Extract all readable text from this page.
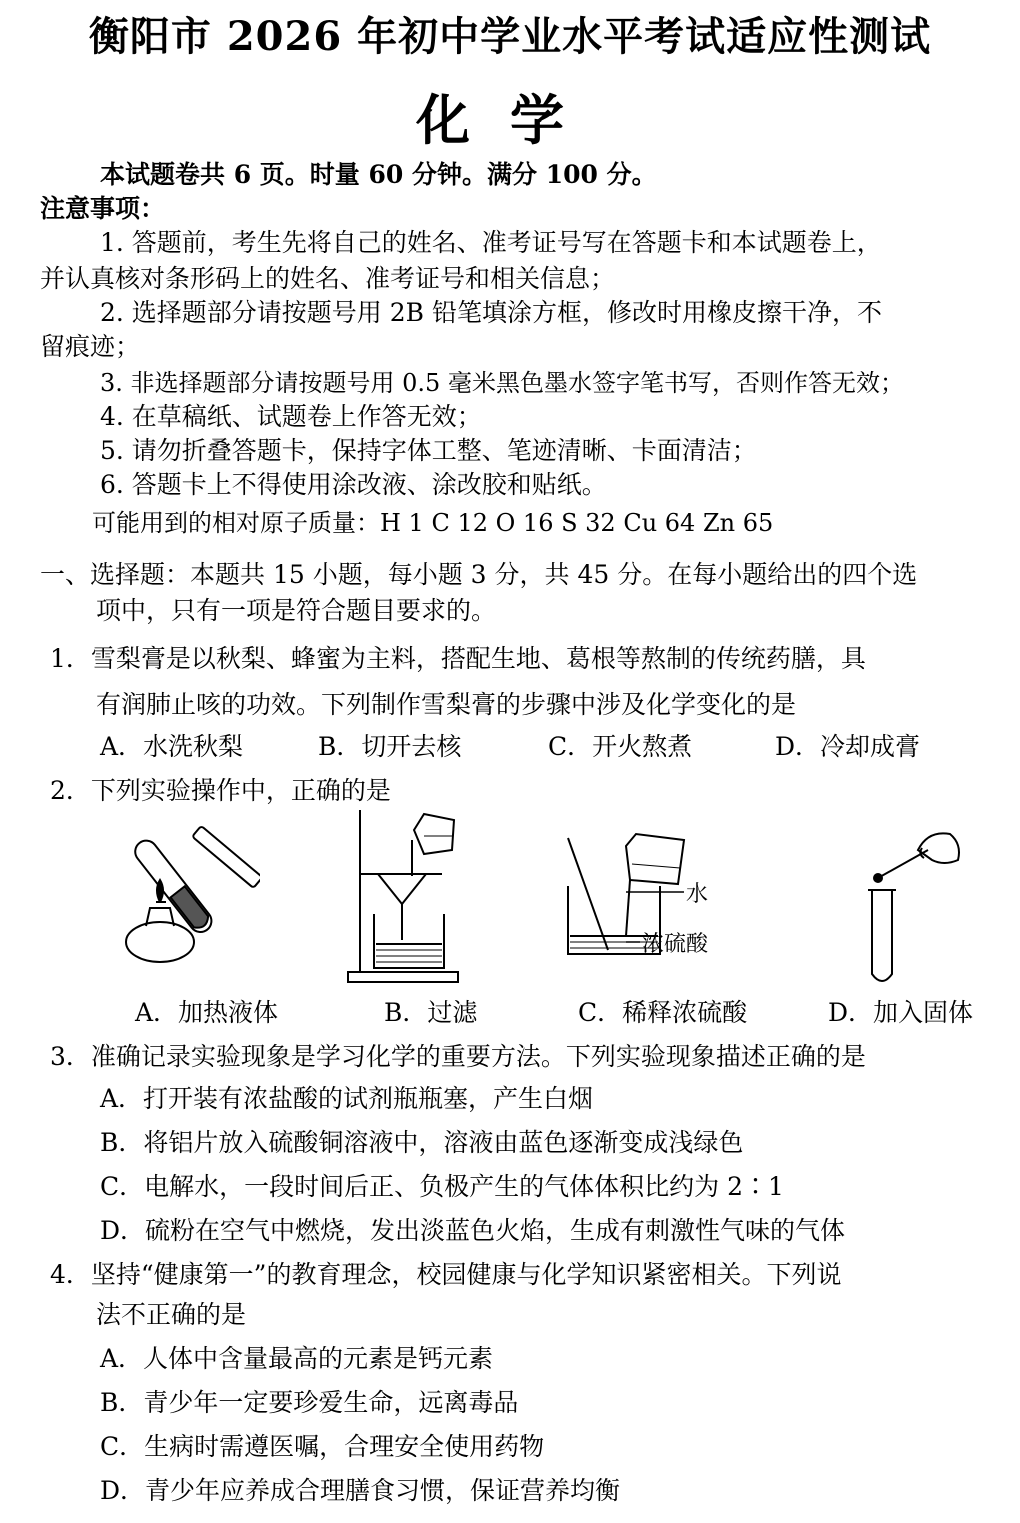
衡阳市 2026 年初中学业水平考试适应性测试
化学
本试题卷共 6 页。时量 60 分钟。满分 100 分。
注意事项：
1. 答题前，考生先将自己的姓名、准考证号写在答题卡和本试题卷上，
并认真核对条形码上的姓名、准考证号和相关信息；
2. 选择题部分请按题号用 2B 铅笔填涂方框，修改时用橡皮擦干净，不
留痕迹；
3. 非选择题部分请按题号用 0.5 毫米黑色墨水签字笔书写，否则作答无效；
4. 在草稿纸、试题卷上作答无效；
5. 请勿折叠答题卡，保持字体工整、笔迹清晰、卡面清洁；
6. 答题卡上不得使用涂改液、涂改胶和贴纸。
可能用到的相对原子质量：H 1 C 12 O 16 S 32 Cu 64 Zn 65
一、选择题：本题共 15 小题，每小题 3 分，共 45 分。在每小题给出的四个选
项中，只有一项是符合题目要求的。
1．雪梨膏是以秋梨、蜂蜜为主料，搭配生地、葛根等熬制的传统药膳，具
有润肺止咳的功效。下列制作雪梨膏的步骤中涉及化学变化的是
A．水洗秋梨	B．切开去核	C．开火熬煮	D．冷却成膏
2．下列实验操作中，正确的是
A．加热液体	B．过滤
水
浓硫酸
C．稀释浓硫酸	D．加入固体
3．准确记录实验现象是学习化学的重要方法。下列实验现象描述正确的是
A．打开装有浓盐酸的试剂瓶瓶塞，产生白烟
B．将铝片放入硫酸铜溶液中，溶液由蓝色逐渐变成浅绿色
C．电解水，一段时间后正、负极产生的气体体积比约为 2∶1
D．硫粉在空气中燃烧，发出淡蓝色火焰，生成有刺激性气味的气体
4．坚持“健康第一”的教育理念，校园健康与化学知识紧密相关。下列说
法不正确的是
A．人体中含量最高的元素是钙元素
B．青少年一定要珍爱生命，远离毒品
C．生病时需遵医嘱，合理安全使用药物
D．青少年应养成合理膳食习惯，保证营养均衡
